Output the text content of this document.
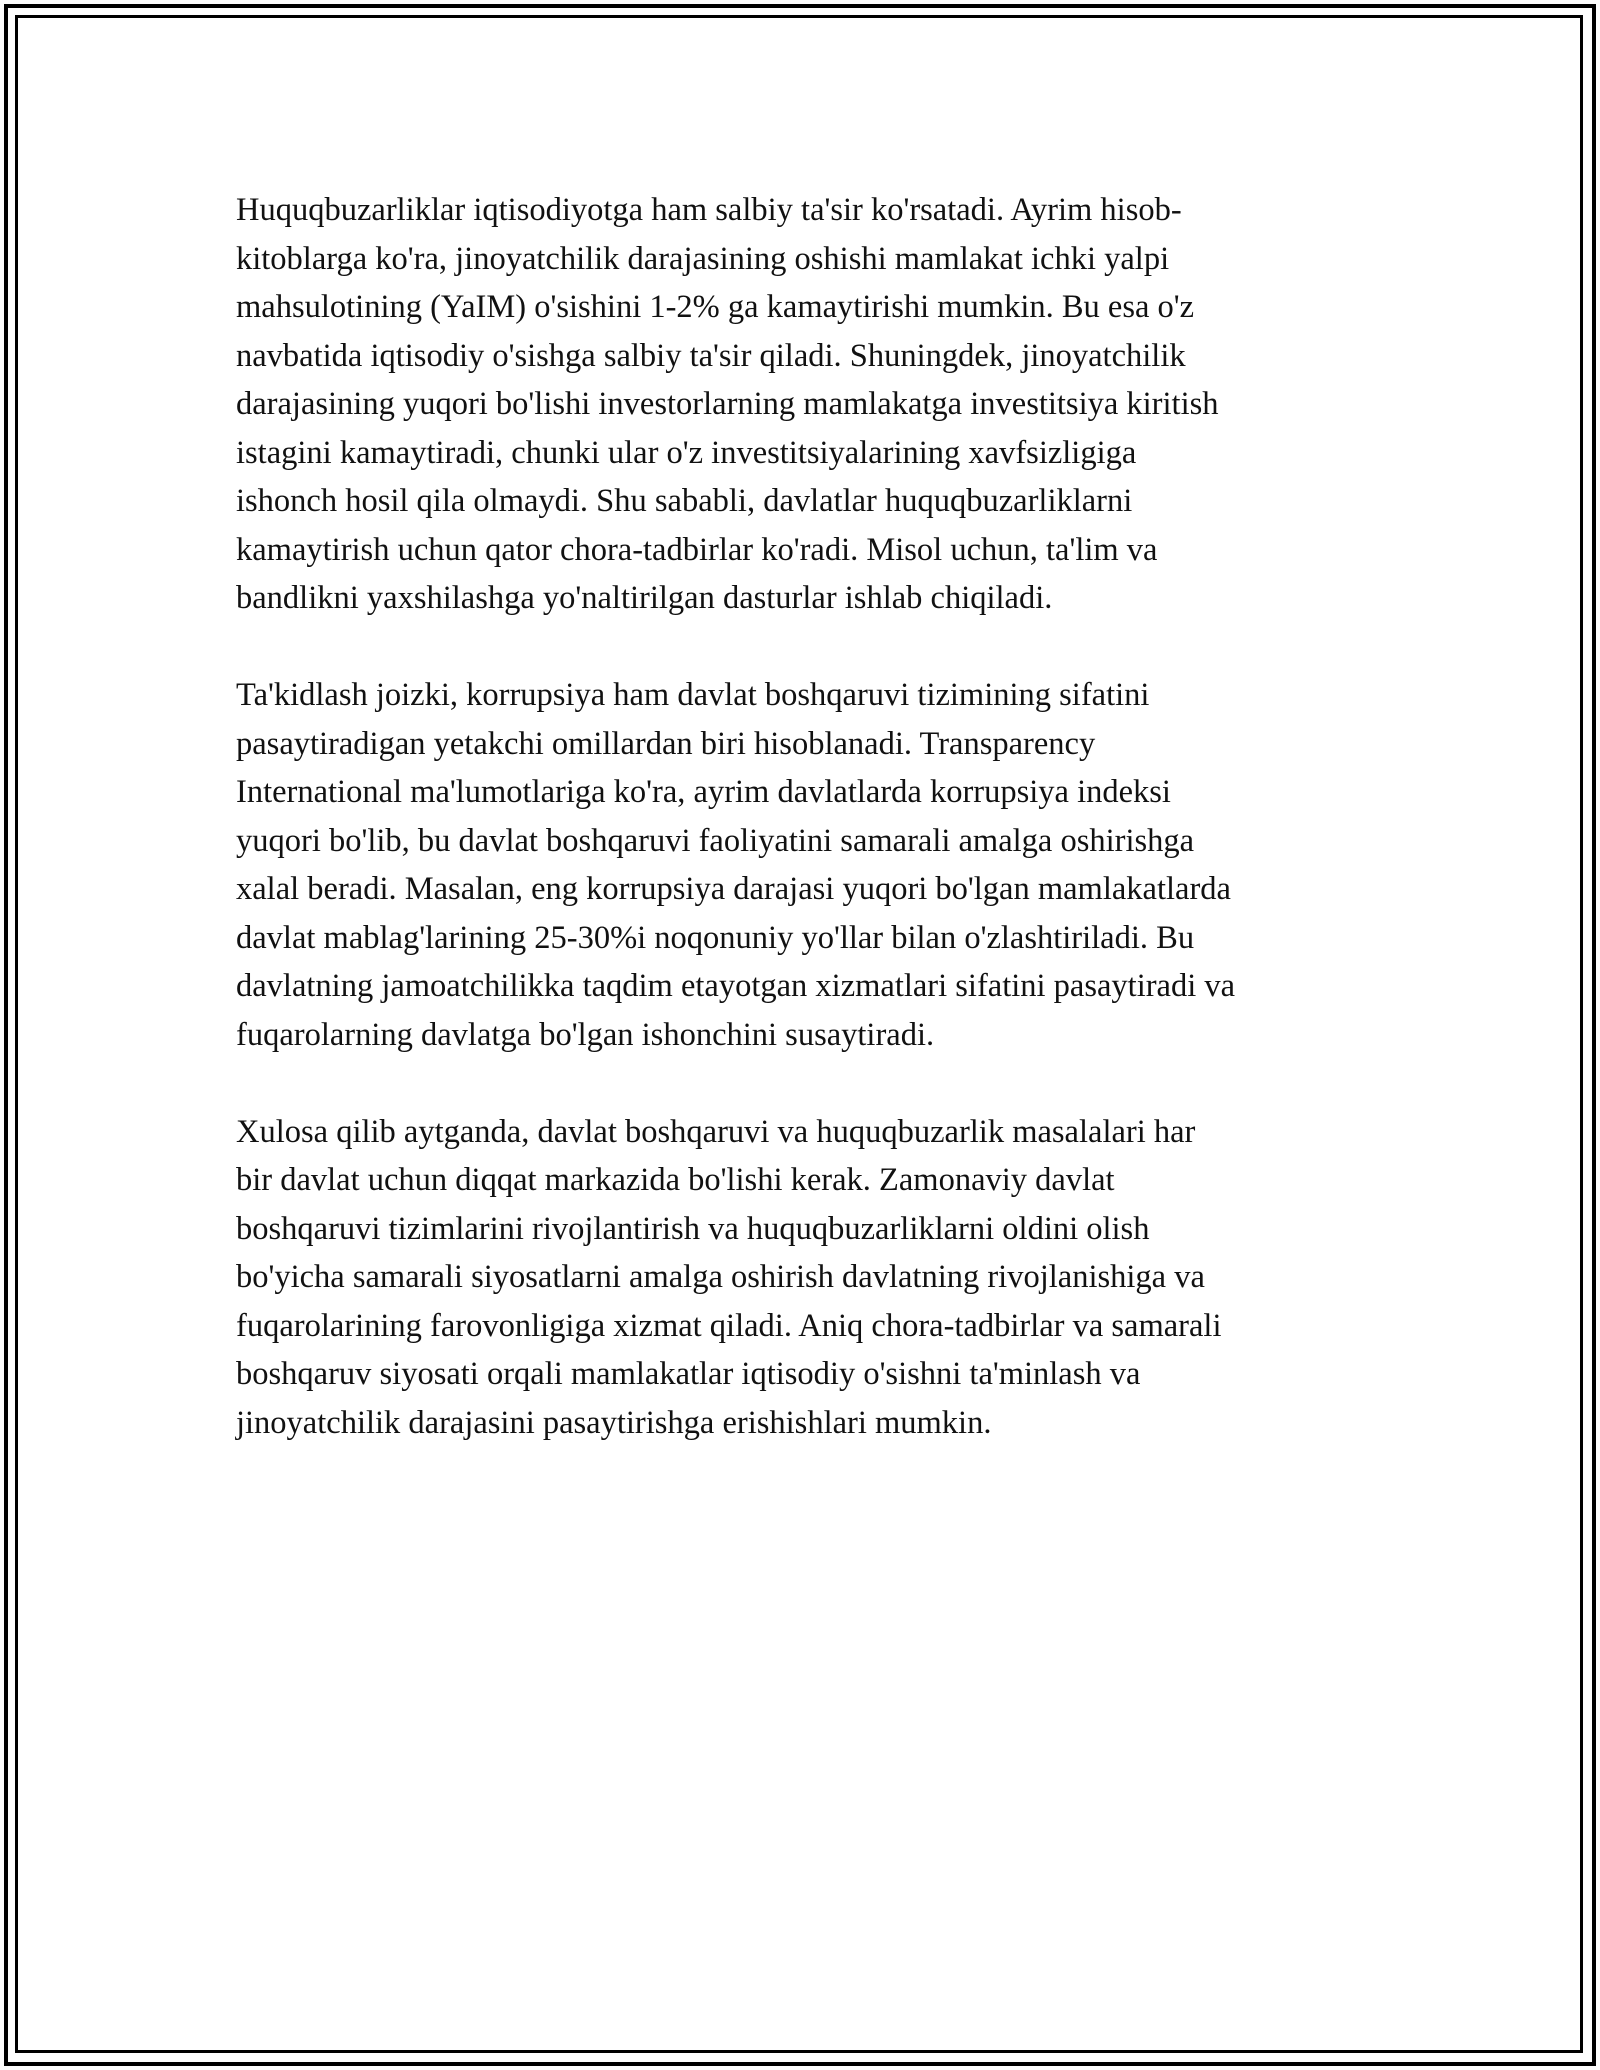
Huquqbuzarliklar iqtisodiyotga ham salbiy ta'sir ko'rsatadi. Ayrim hisob-
kitoblarga ko'ra, jinoyatchilik darajasining oshishi mamlakat ichki yalpi
mahsulotining (YaIM) o'sishini 1-2% ga kamaytirishi mumkin. Bu esa o'z
navbatida iqtisodiy o'sishga salbiy ta'sir qiladi. Shuningdek, jinoyatchilik
darajasining yuqori bo'lishi investorlarning mamlakatga investitsiya kiritish
istagini kamaytiradi, chunki ular o'z investitsiyalarining xavfsizligiga
ishonch hosil qila olmaydi. Shu sababli, davlatlar huquqbuzarliklarni
kamaytirish uchun qator chora-tadbirlar ko'radi. Misol uchun, ta'lim va
bandlikni yaxshilashga yo'naltirilgan dasturlar ishlab chiqiladi.

Ta'kidlash joizki, korrupsiya ham davlat boshqaruvi tizimining sifatini
pasaytiradigan yetakchi omillardan biri hisoblanadi. Transparency
International ma'lumotlariga ko'ra, ayrim davlatlarda korrupsiya indeksi
yuqori bo'lib, bu davlat boshqaruvi faoliyatini samarali amalga oshirishga
xalal beradi. Masalan, eng korrupsiya darajasi yuqori bo'lgan mamlakatlarda
davlat mablag'larining 25-30%i noqonuniy yo'llar bilan o'zlashtiriladi. Bu
davlatning jamoatchilikka taqdim etayotgan xizmatlari sifatini pasaytiradi va
fuqarolarning davlatga bo'lgan ishonchini susaytiradi.

Xulosa qilib aytganda, davlat boshqaruvi va huquqbuzarlik masalalari har
bir davlat uchun diqqat markazida bo'lishi kerak. Zamonaviy davlat
boshqaruvi tizimlarini rivojlantirish va huquqbuzarliklarni oldini olish
bo'yicha samarali siyosatlarni amalga oshirish davlatning rivojlanishiga va
fuqarolarining farovonligiga xizmat qiladi. Aniq chora-tadbirlar va samarali
boshqaruv siyosati orqali mamlakatlar iqtisodiy o'sishni ta'minlash va
jinoyatchilik darajasini pasaytirishga erishishlari mumkin.
